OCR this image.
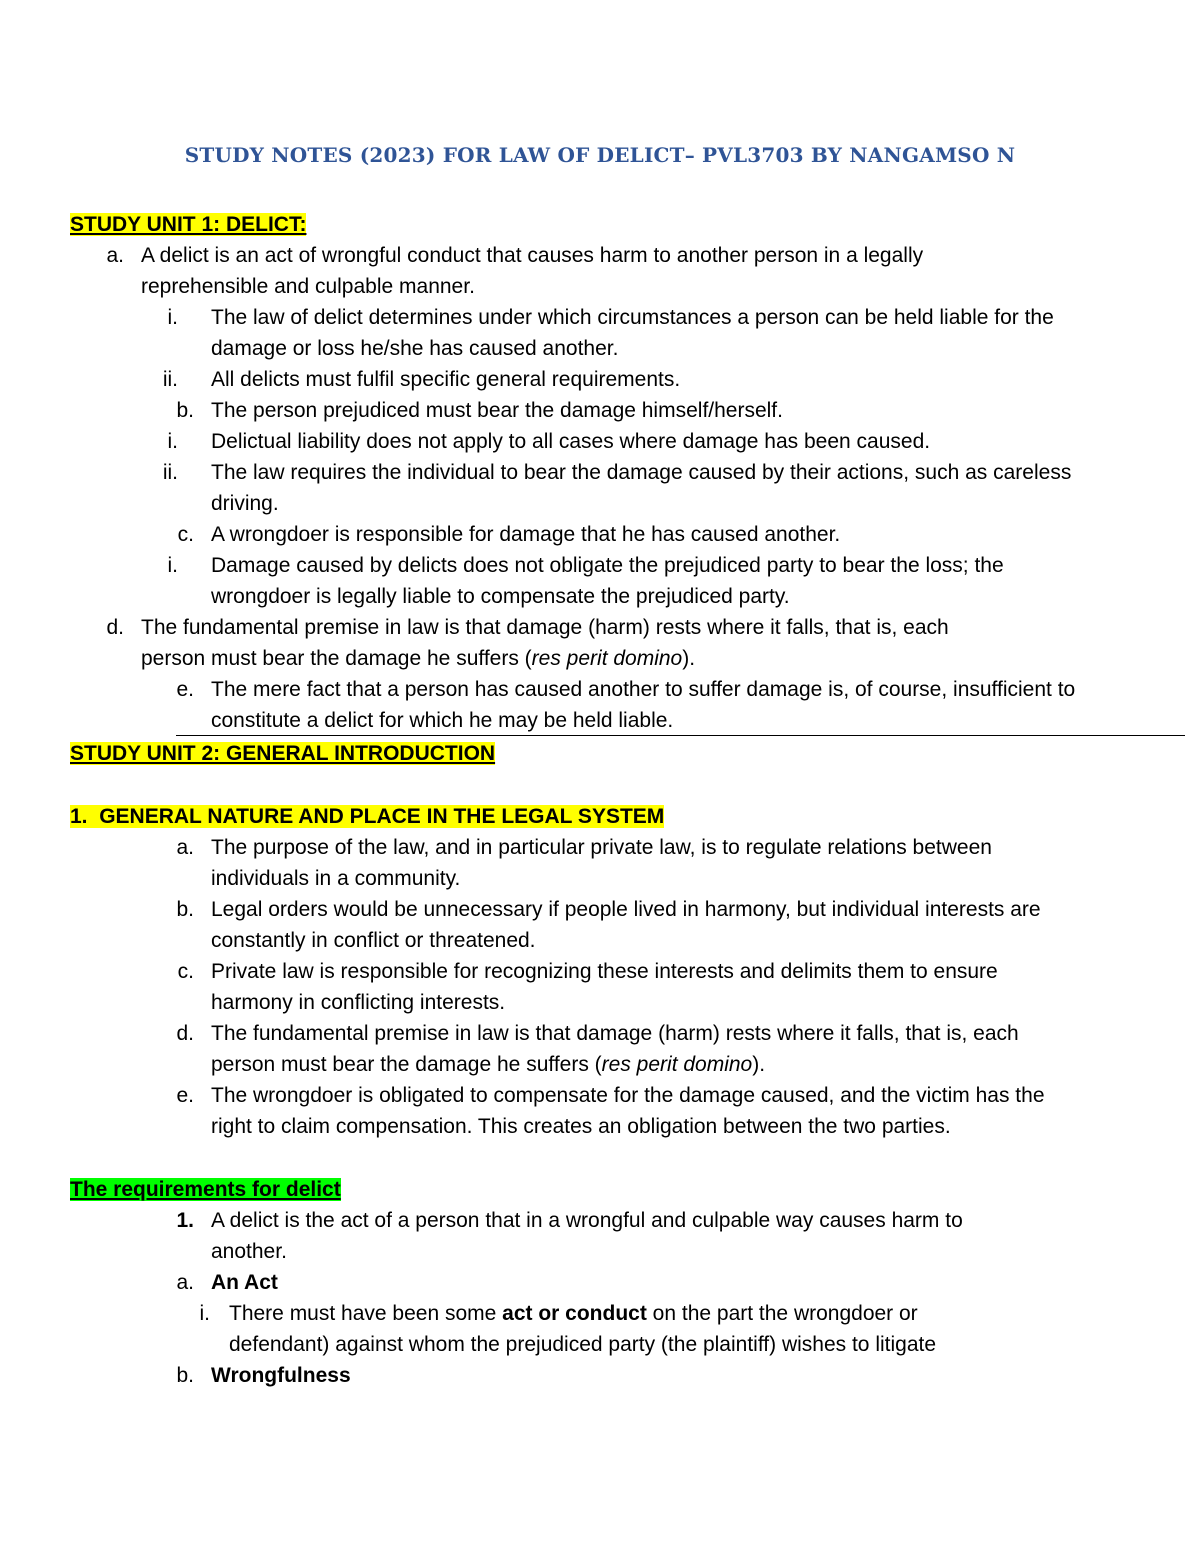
STUDY NOTES (2023) FOR LAW OF DELICT– PVL3703 BY NANGAMSO N
STUDY UNIT 1: DELICT:
a. A delict is an act of wrongful conduct that causes harm to another person in a legally
reprehensible and culpable manner.
i. The law of delict determines under which circumstances a person can be held liable for the
damage or loss he/she has caused another.
ii. All delicts must fulfil specific general requirements.
b. The person prejudiced must bear the damage himself/herself.
i. Delictual liability does not apply to all cases where damage has been caused.
ii. The law requires the individual to bear the damage caused by their actions, such as careless
driving.
c. A wrongdoer is responsible for damage that he has caused another.
i. Damage caused by delicts does not obligate the prejudiced party to bear the loss; the
wrongdoer is legally liable to compensate the prejudiced party.
d. The fundamental premise in law is that damage (harm) rests where it falls, that is, each
person must bear the damage he suffers (res perit domino).
e. The mere fact that a person has caused another to suffer damage is, of course, insufficient to
constitute a delict for which he may be held liable.
STUDY UNIT 2: GENERAL INTRODUCTION
1. GENERAL NATURE AND PLACE IN THE LEGAL SYSTEM
a. The purpose of the law, and in particular private law, is to regulate relations between
individuals in a community.
b. Legal orders would be unnecessary if people lived in harmony, but individual interests are
constantly in conflict or threatened.
c. Private law is responsible for recognizing these interests and delimits them to ensure
harmony in conflicting interests.
d. The fundamental premise in law is that damage (harm) rests where it falls, that is, each
person must bear the damage he suffers (res perit domino).
e. The wrongdoer is obligated to compensate for the damage caused, and the victim has the
right to claim compensation. This creates an obligation between the two parties.
The requirements for delict
1. A delict is the act of a person that in a wrongful and culpable way causes harm to
another.
a. An Act
i. There must have been some act or conduct on the part the wrongdoer or
defendant) against whom the prejudiced party (the plaintiff) wishes to litigate
b. Wrongfulness
